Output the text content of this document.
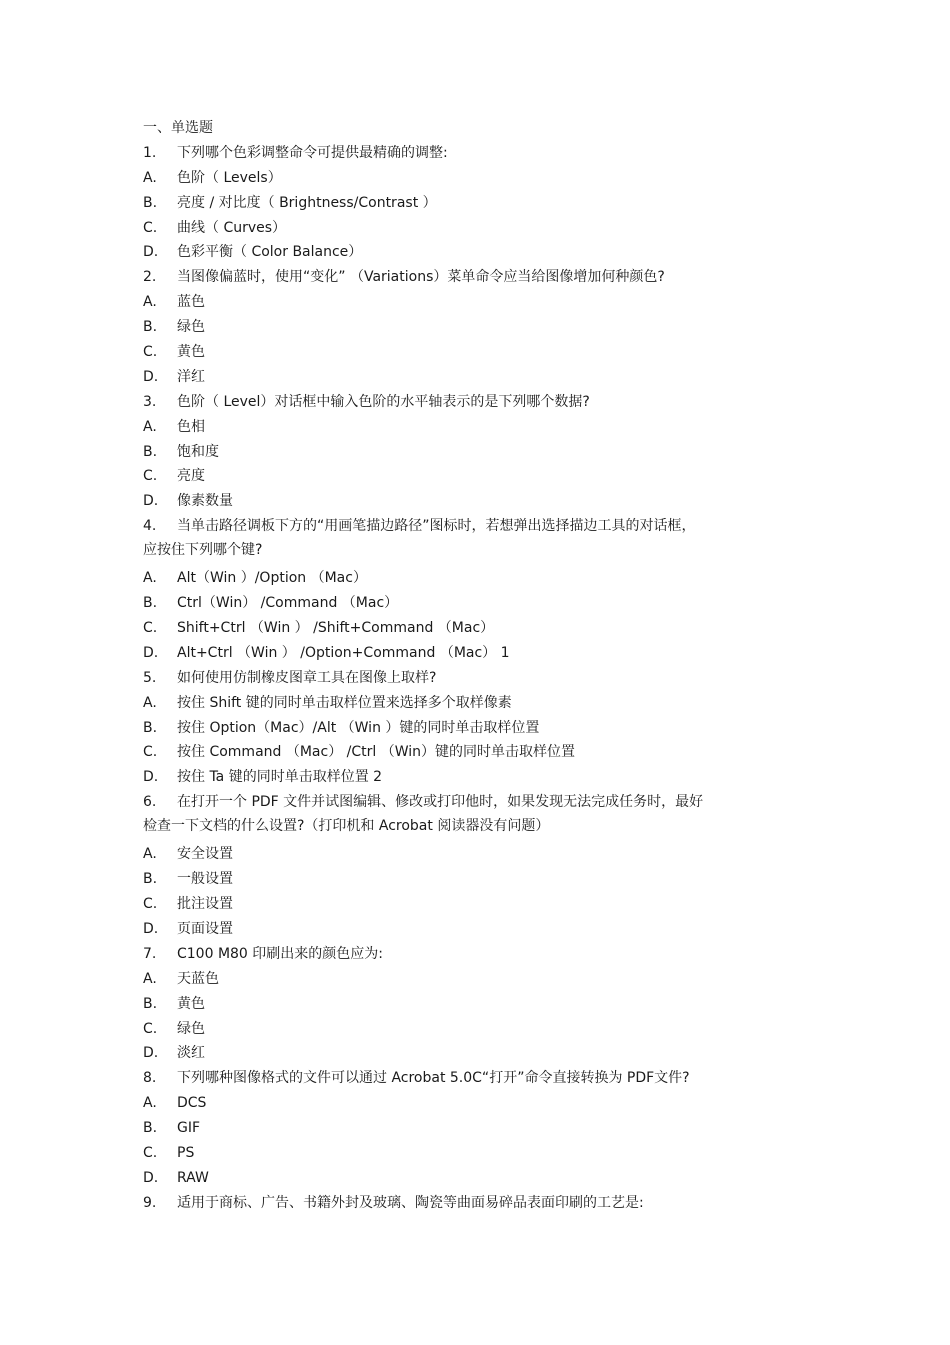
一、单选题
1.	下列哪个色彩调整命令可提供最精确的调整:
A.	色阶（ Levels）
B.	亮度 / 对比度（ Brightness/Contrast ）
C.	曲线（ Curves）
D.	色彩平衡（ Color Balance）
2.	当图像偏蓝时，使用“变化” （Variations）菜单命令应当给图像增加何种颜色?
A.	蓝色
B.	绿色
C.	黄色
D.	洋红
3.	色阶（ Level）对话框中输入色阶的水平轴表示的是下列哪个数据?
A.	色相
B.	饱和度
C.	亮度
D.	像素数量
4.	当单击路径调板下方的“用画笔描边路径”图标时，若想弹出选择描边工具的对话框，
应按住下列哪个键?
A.	Alt（Win ）/Option （Mac）
B.	Ctrl（Win） /Command （Mac）
C.	Shift+Ctrl （Win ） /Shift+Command （Mac）
D.	Alt+Ctrl （Win ） /Option+Command （Mac） 1
5.	如何使用仿制橡皮图章工具在图像上取样?
A.	按住 Shift 键的同时单击取样位置来选择多个取样像素
B.	按住 Option（Mac）/Alt （Win ）键的同时单击取样位置
C.	按住 Command （Mac） /Ctrl （Win）键的同时单击取样位置
D.	按住 Ta 键的同时单击取样位置 2
6.	在打开一个 PDF 文件并试图编辑、修改或打印他时，如果发现无法完成任务时，最好
检查一下文档的什么设置?（打印机和 Acrobat 阅读器没有问题）
A.	安全设置
B.	一般设置
C.	批注设置
D.	页面设置
7.	C100 M80 印刷出来的颜色应为:
A.	天蓝色
B.	黄色
C.	绿色
D.	淡红
8.	下列哪种图像格式的文件可以通过 Acrobat 5.0C“打开”命令直接转换为 PDF文件?
A.	DCS
B.	GIF
C.	PS
D.	RAW
9.	适用于商标、广告、书籍外封及玻璃、陶瓷等曲面易碎品表面印刷的工艺是:
